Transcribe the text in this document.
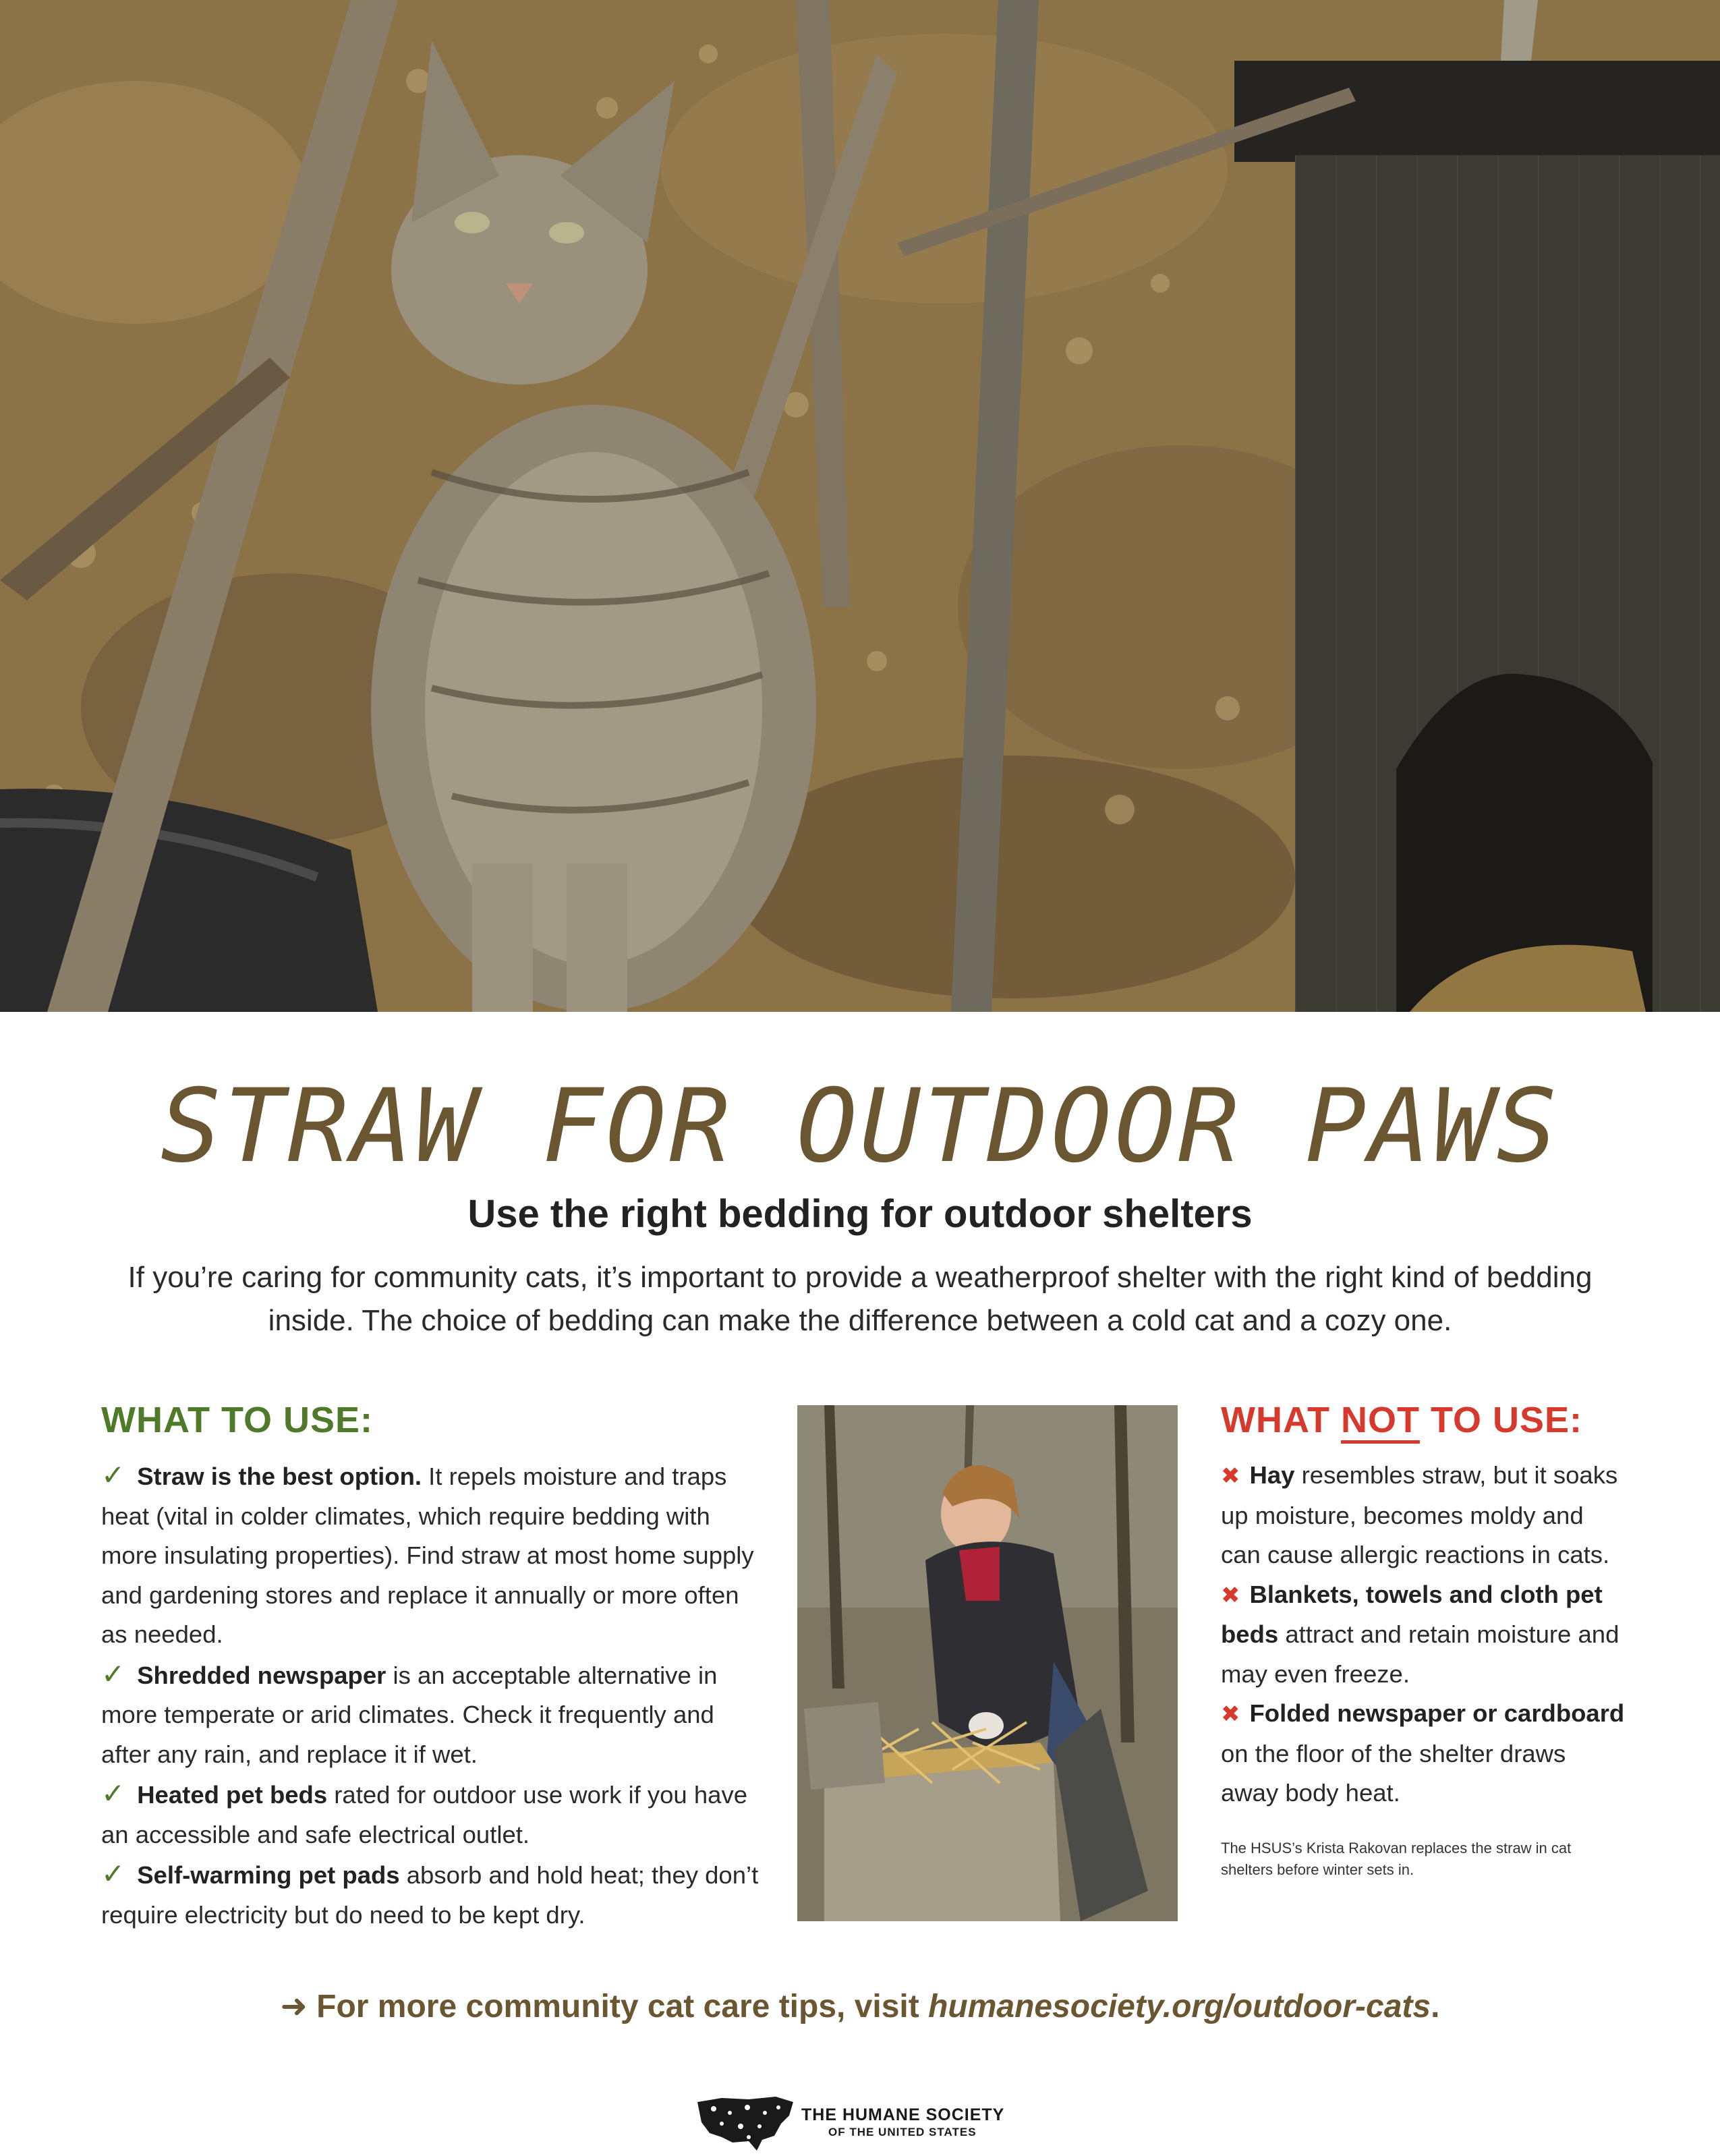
STRAW FOR OUTDOOR PAWS
Use the right bedding for outdoor shelters
If you’re caring for community cats, it’s important to provide a weatherproof shelter with the right kind of bedding inside. The choice of bedding can make the difference between a cold cat and a cozy one.
WHAT TO USE:

✓ Straw is the best option. It repels moisture and traps heat (vital in colder climates, which require bedding with more insulating properties). Find straw at most home supply and gardening stores and replace it annually or more often as needed.

✓ Shredded newspaper is an acceptable alternative in more temperate or arid climates. Check it frequently and after any rain, and replace it if wet.

✓ Heated pet beds rated for outdoor use work if you have an accessible and safe electrical outlet.

✓ Self-warming pet pads absorb and hold heat; they don’t require electricity but do need to be kept dry.

WHAT NOT TO USE:

✖ Hay resembles straw, but it soaks up moisture, becomes moldy and can cause allergic reactions in cats.

✖ Blankets, towels and cloth pet beds attract and retain moisture and may even freeze.

✖ Folded newspaper or cardboard on the floor of the shelter draws away body heat.

The HSUS’s Krista Rakovan replaces the straw in cat shelters before winter sets in.
➜ For more community cat care tips, visit humanesociety.org/outdoor-cats.
THE HUMANE SOCIETY
OF THE UNITED STATES
